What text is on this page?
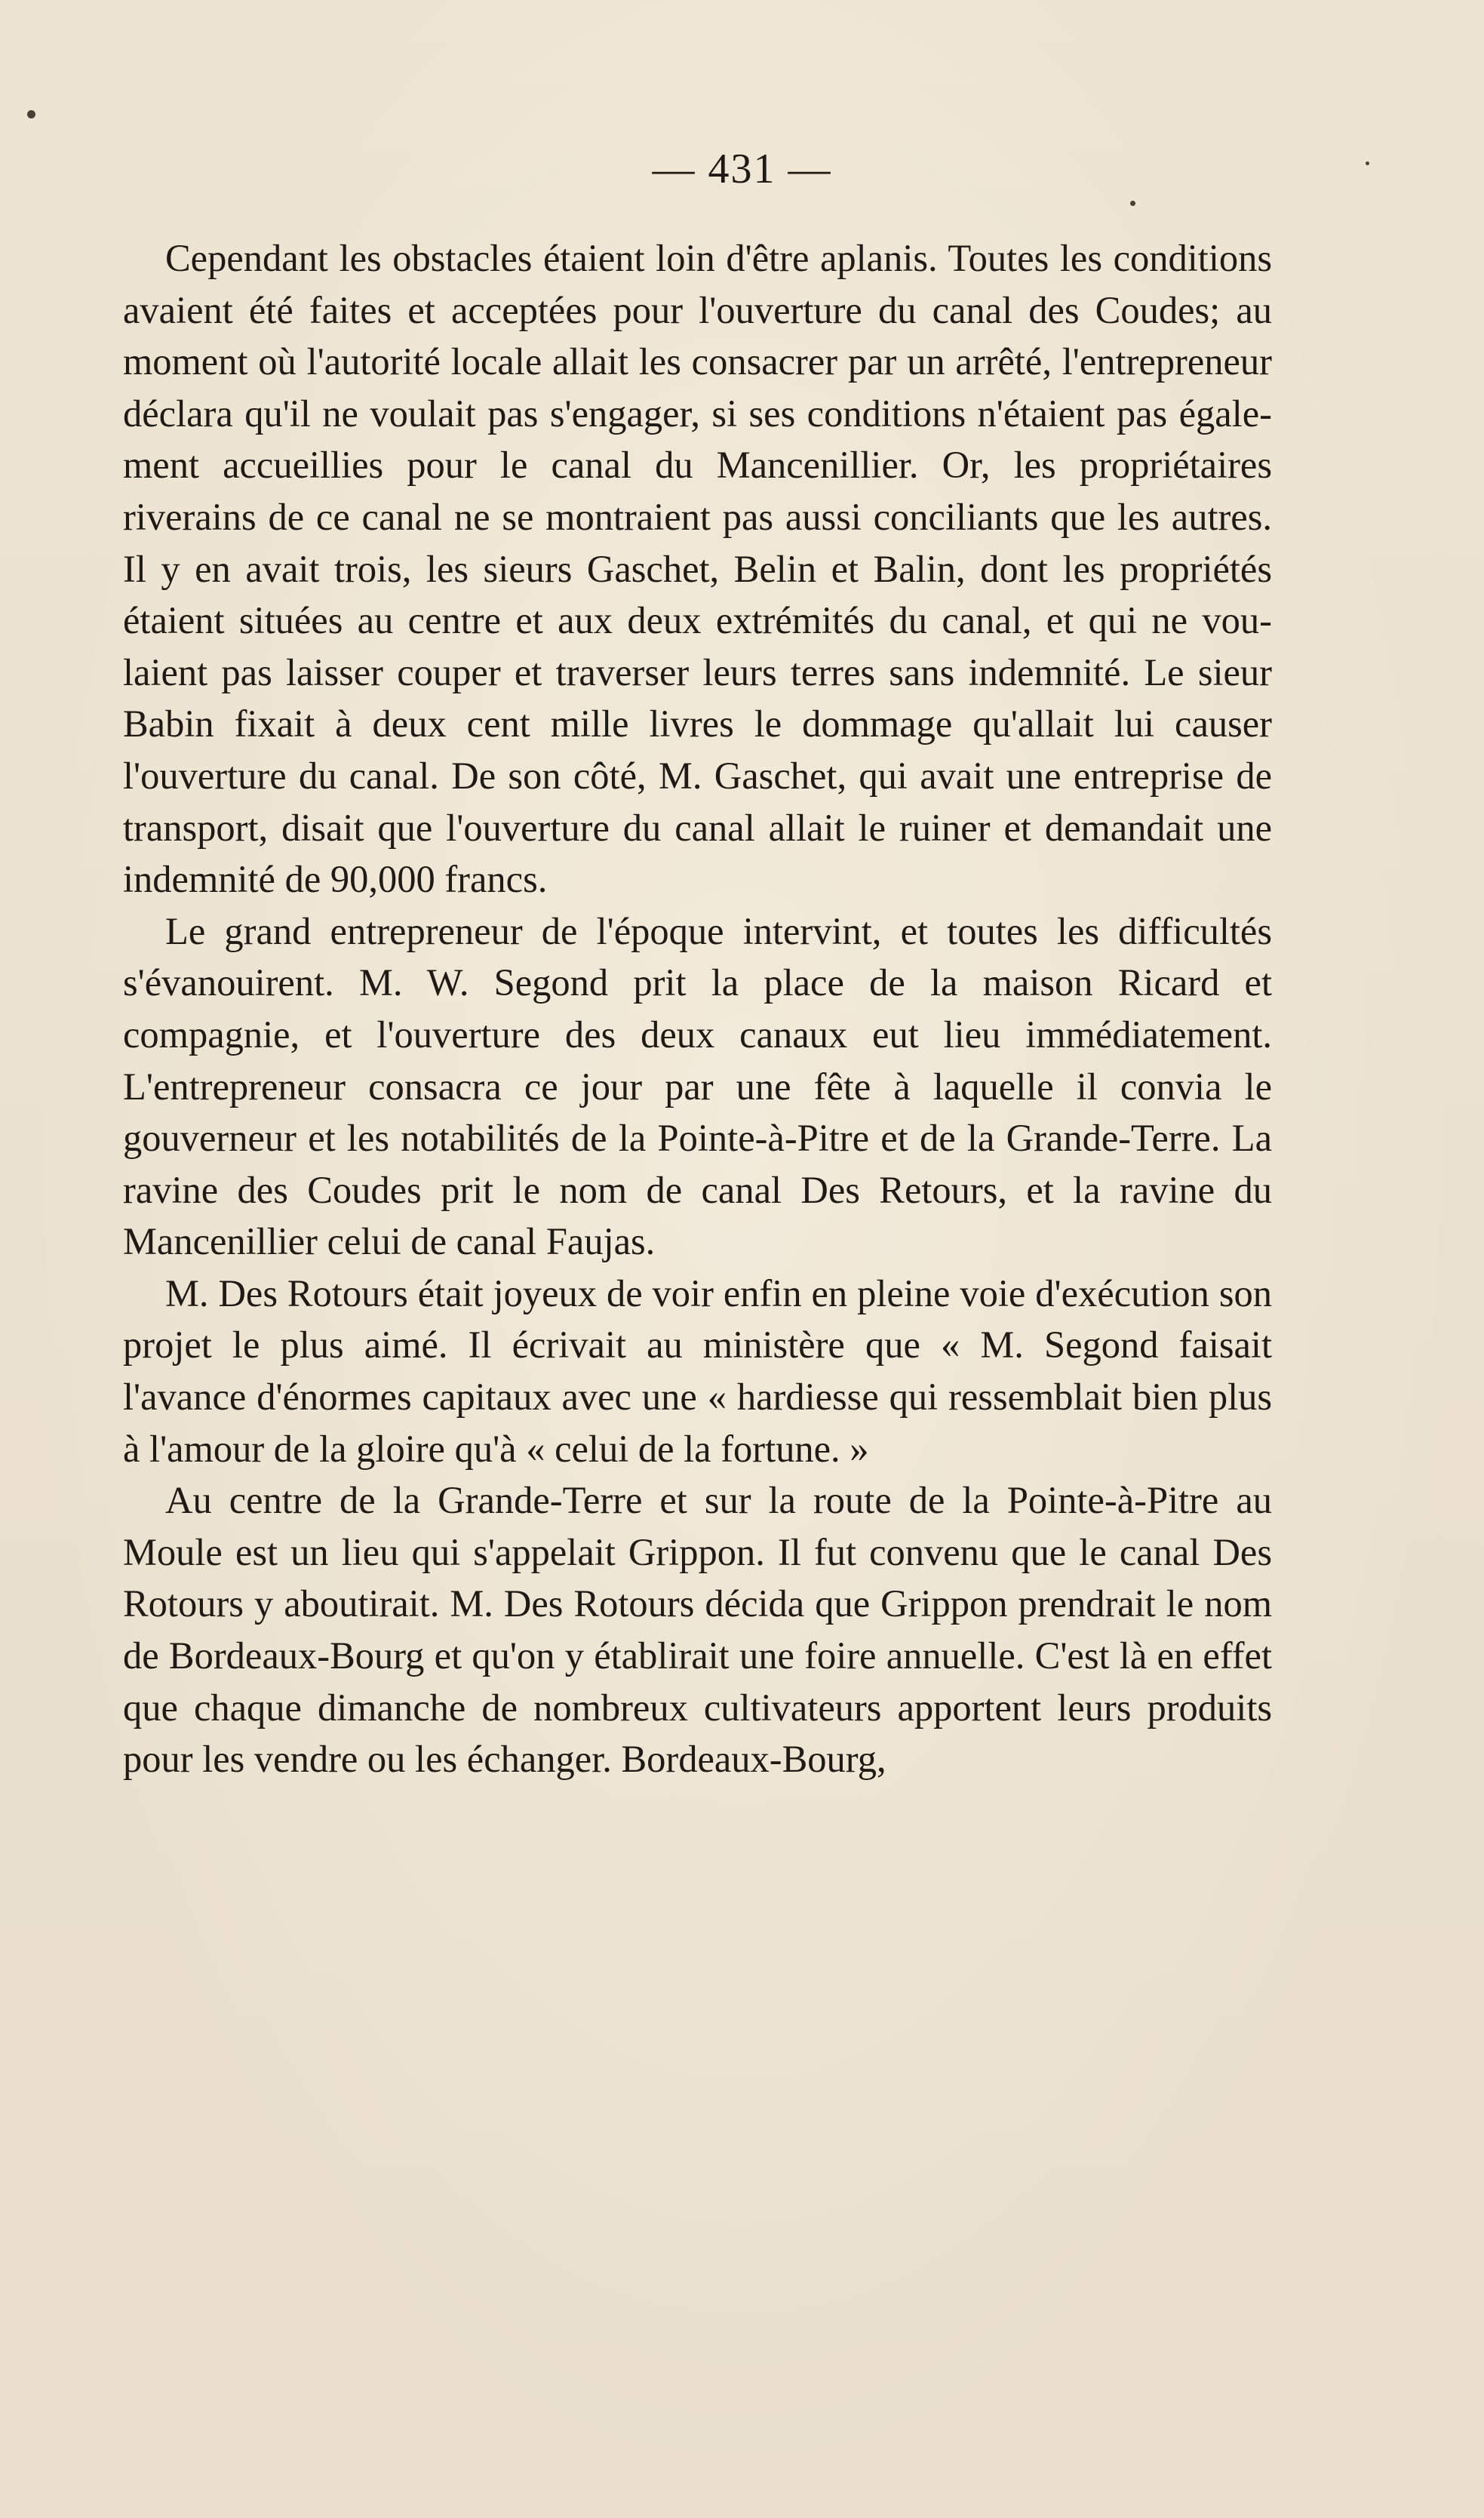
— 431 —

Cependant les obstacles étaient loin d'être aplanis. Toutes les conditions avaient été faites et acceptées pour l'ouverture du canal des Coudes; au moment où l'autorité locale allait les consacrer par un arrêté, l'entrepreneur déclara qu'il ne voulait pas s'engager, si ses conditions n'étaient pas également accueillies pour le canal du Mancenillier. Or, les propriétaires riverains de ce canal ne se montraient pas aussi conciliants que les autres. Il y en avait trois, les sieurs Gaschet, Belin et Balin, dont les propriétés étaient situées au centre et aux deux extrémités du canal, et qui ne voulaient pas laisser couper et traverser leurs terres sans indemnité. Le sieur Babin fixait à deux cent mille livres le dommage qu'allait lui causer l'ouverture du canal. De son côté, M. Gaschet, qui avait une entreprise de transport, disait que l'ouverture du canal allait le ruiner et demandait une indemnité de 90,000 francs.

Le grand entrepreneur de l'époque intervint, et toutes les difficultés s'évanouirent. M. W. Segond prit la place de la maison Ricard et compagnie, et l'ouverture des deux canaux eut lieu immédiatement. L'entrepreneur consacra ce jour par une fête à laquelle il convia le gouverneur et les notabilités de la Pointe-à-Pitre et de la Grande-Terre. La ravine des Coudes prit le nom de canal Des Retours, et la ravine du Mancenillier celui de canal Faujas.

M. Des Rotours était joyeux de voir enfin en pleine voie d'exécution son projet le plus aimé. Il écrivait au ministère que « M. Segond faisait l'avance d'énormes capitaux avec une « hardiesse qui ressemblait bien plus à l'amour de la gloire qu'à « celui de la fortune. »

Au centre de la Grande-Terre et sur la route de la Pointe-à-Pitre au Moule est un lieu qui s'appelait Grippon. Il fut convenu que le canal Des Rotours y aboutirait. M. Des Rotours décida que Grippon prendrait le nom de Bordeaux-Bourg et qu'on y établirait une foire annuelle. C'est là en effet que chaque dimanche de nombreux cultivateurs apportent leurs produits pour les vendre ou les échanger. Bordeaux-Bourg,
